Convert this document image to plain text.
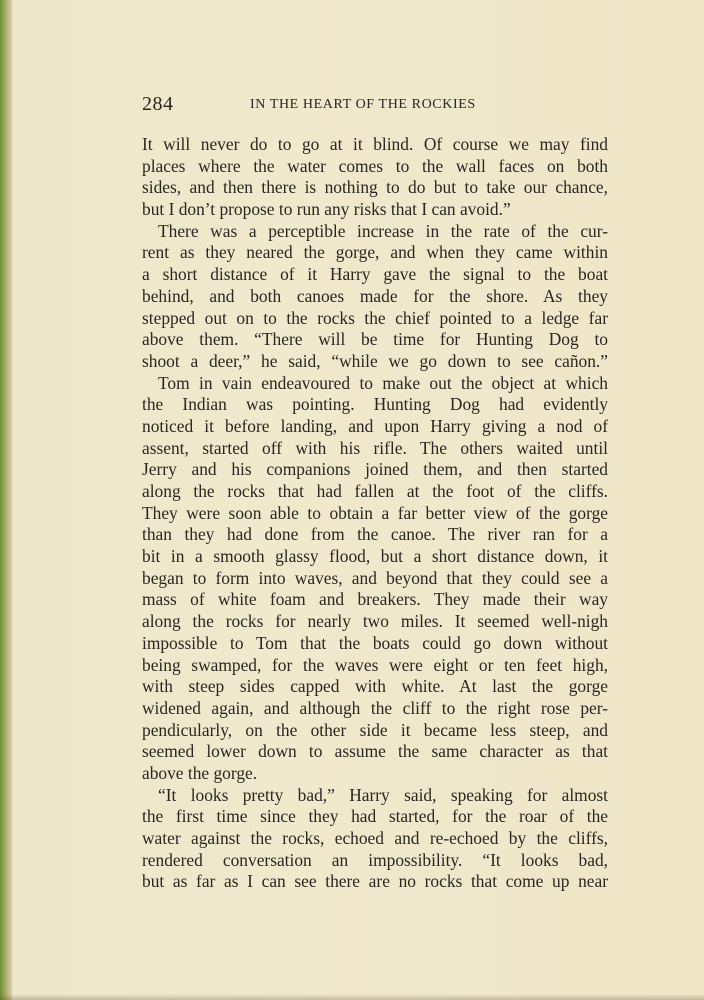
284	IN THE HEART OF THE ROCKIES
It will never do to go at it blind. Of course we may find
places where the water comes to the wall faces on both
sides, and then there is nothing to do but to take our chance,
but I don’t propose to run any risks that I can avoid.”
There was a perceptible increase in the rate of the cur-
rent as they neared the gorge, and when they came within
a short distance of it Harry gave the signal to the boat
behind, and both canoes made for the shore. As they
stepped out on to the rocks the chief pointed to a ledge far
above them. “There will be time for Hunting Dog to
shoot a deer,” he said, “while we go down to see cañon.”
Tom in vain endeavoured to make out the object at which
the Indian was pointing. Hunting Dog had evidently
noticed it before landing, and upon Harry giving a nod of
assent, started off with his rifle. The others waited until
Jerry and his companions joined them, and then started
along the rocks that had fallen at the foot of the cliffs.
They were soon able to obtain a far better view of the gorge
than they had done from the canoe. The river ran for a
bit in a smooth glassy flood, but a short distance down, it
began to form into waves, and beyond that they could see a
mass of white foam and breakers. They made their way
along the rocks for nearly two miles. It seemed well-nigh
impossible to Tom that the boats could go down without
being swamped, for the waves were eight or ten feet high,
with steep sides capped with white. At last the gorge
widened again, and although the cliff to the right rose per-
pendicularly, on the other side it became less steep, and
seemed lower down to assume the same character as that
above the gorge.
“It looks pretty bad,” Harry said, speaking for almost
the first time since they had started, for the roar of the
water against the rocks, echoed and re-echoed by the cliffs,
rendered conversation an impossibility. “It looks bad,
but as far as I can see there are no rocks that come up near
